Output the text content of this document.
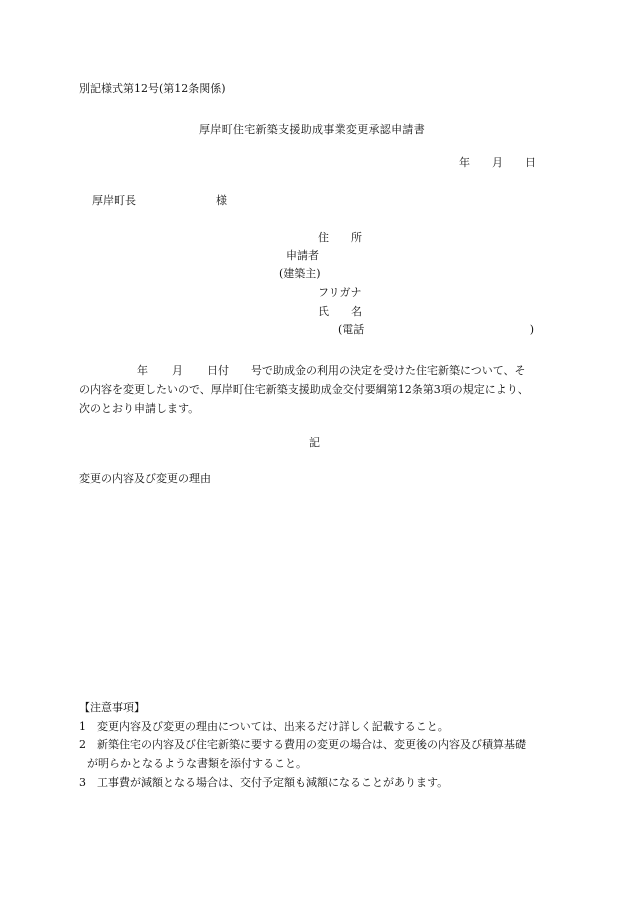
別記様式第12号(第12条関係)
厚岸町住宅新築支援助成事業変更承認申請書
年 月 日
厚岸町長	様
住　　所
申請者
(建築主)
フリガナ
氏　　名
(電話	)
年 月 日付 号で助成金の利用の決定を受けた住宅新築について、そ
の内容を変更したいので、厚岸町住宅新築支援助成金交付要綱第12条第3項の規定により、
次のとおり申請します。
記
変更の内容及び変更の理由
【注意事項】
1　変更内容及び変更の理由については、出来るだけ詳しく記載すること。
2　新築住宅の内容及び住宅新築に要する費用の変更の場合は、変更後の内容及び積算基礎
が明らかとなるような書類を添付すること。
3　工事費が減額となる場合は、交付予定額も減額になることがあります。
